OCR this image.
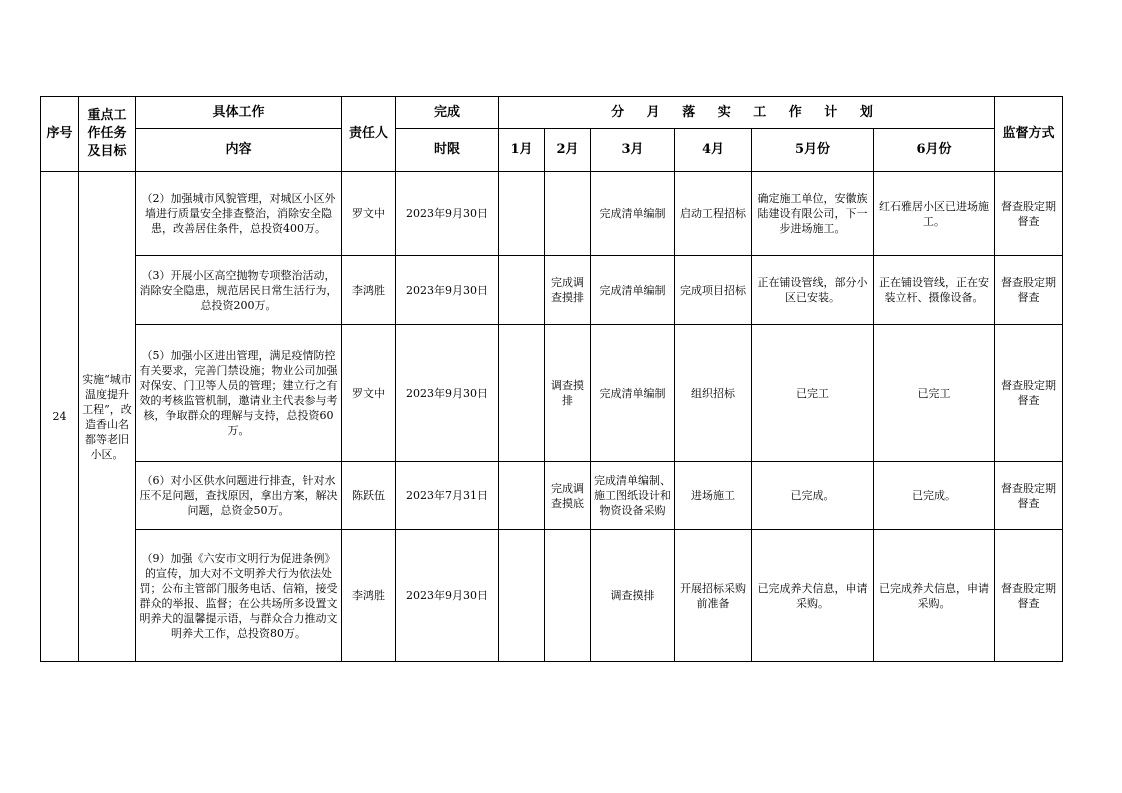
序号	重点工作任务及目标	具体工作	责任人	完成	分 月 落 实 工 作 计 划						监督方式
		内容		时限	1月	2月	3月	4月	5月份	6月份	
24	实施“城市温度提升工程”，改造香山名都等老旧小区。	（2）加强城市风貌管理，对城区小区外墙进行质量安全排查整治，消除安全隐患，改善居住条件，总投资400万。	罗文中	2023年9月30日			完成清单编制	启动工程招标	确定施工单位，安徽族陆建设有限公司，下一步进场施工。	红石雅居小区已进场施工。	督查股定期督查
		（3）开展小区高空抛物专项整治活动，消除安全隐患，规范居民日常生活行为，总投资200万。	李鸿胜	2023年9月30日		完成调查摸排	完成清单编制	完成项目招标	正在铺设管线，部分小区已安装。	正在铺设管线，正在安装立杆、摄像设备。	督查股定期督查
		（5）加强小区进出管理，满足疫情防控有关要求，完善门禁设施；物业公司加强对保安、门卫等人员的管理；建立行之有效的考核监管机制，邀请业主代表参与考核，争取群众的理解与支持，总投资60万。	罗文中	2023年9月30日		调查摸排	完成清单编制	组织招标	已完工	已完工	督查股定期督查
		（6）对小区供水问题进行排查，针对水压不足问题，查找原因，拿出方案，解决问题，总资金50万。	陈跃伍	2023年7月31日		完成调查摸底	完成清单编制、施工图纸设计和物资设备采购	进场施工	已完成。	已完成。	督查股定期督查
		（9）加强《六安市文明行为促进条例》的宣传，加大对不文明养犬行为依法处罚；公布主管部门服务电话、信箱，接受群众的举报、监督；在公共场所多设置文明养犬的温馨提示语，与群众合力推动文明养犬工作，总投资80万。	李鸿胜	2023年9月30日			调查摸排	开展招标采购前准备	已完成养犬信息，申请采购。	已完成养犬信息，申请采购。	督查股定期督查
